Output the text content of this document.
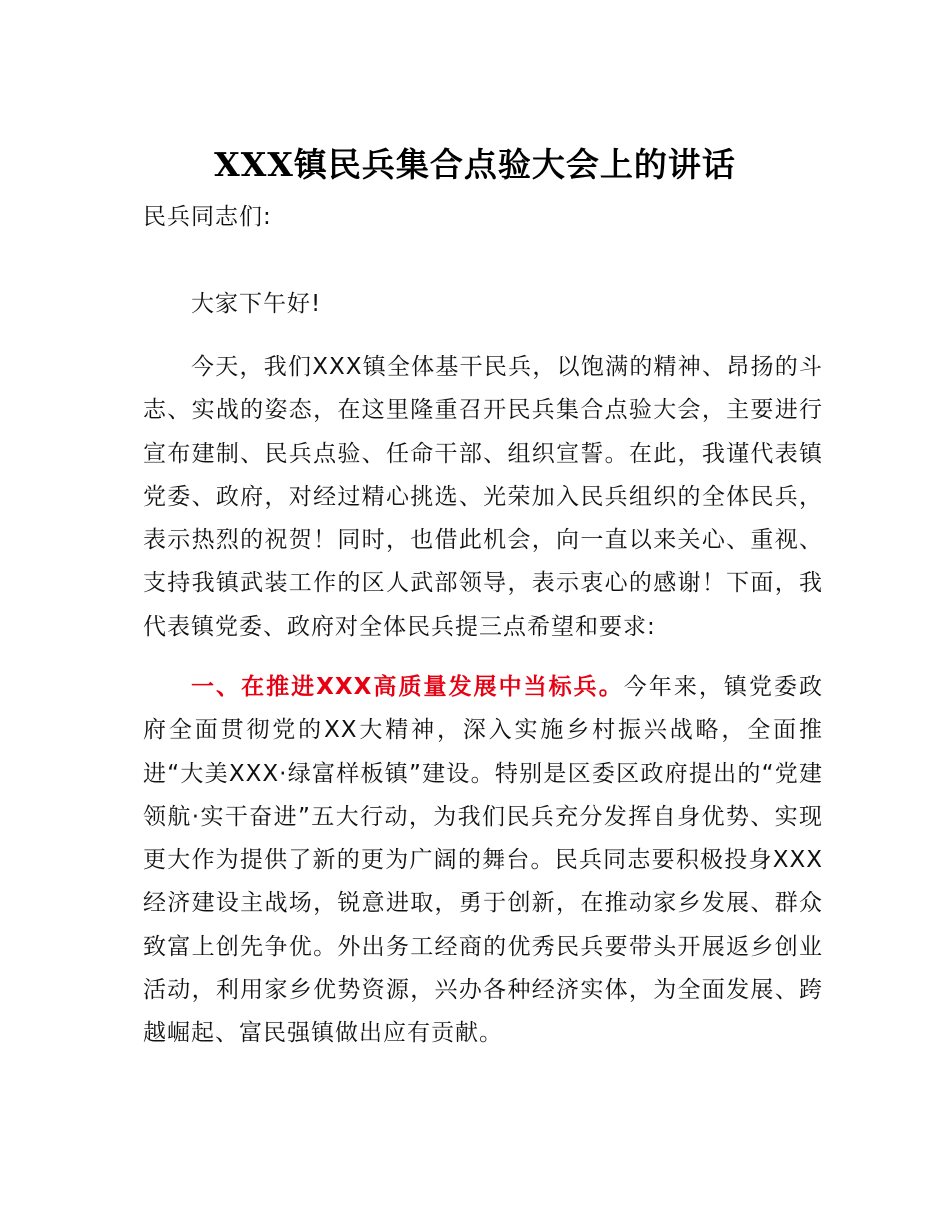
XXX镇民兵集合点验大会上的讲话
民兵同志们:
大家下午好!
今天，我们XXX镇全体基干民兵，以饱满的精神、昂扬的斗志、实战的姿态，在这里隆重召开民兵集合点验大会，主要进行宣布建制、民兵点验、任命干部、组织宣誓。在此，我谨代表镇党委、政府，对经过精心挑选、光荣加入民兵组织的全体民兵，表示热烈的祝贺！同时，也借此机会，向一直以来关心、重视、支持我镇武装工作的区人武部领导，表示衷心的感谢！下面，我代表镇党委、政府对全体民兵提三点希望和要求:
一、在推进XXX高质量发展中当标兵。今年来，镇党委政府全面贯彻党的XX大精神，深入实施乡村振兴战略，全面推进“大美XXX·绿富样板镇”建设。特别是区委区政府提出的“党建领航·实干奋进”五大行动，为我们民兵充分发挥自身优势、实现更大作为提供了新的更为广阔的舞台。民兵同志要积极投身XXX经济建设主战场，锐意进取，勇于创新，在推动家乡发展、群众致富上创先争优。外出务工经商的优秀民兵要带头开展返乡创业活动，利用家乡优势资源，兴办各种经济实体，为全面发展、跨越崛起、富民强镇做出应有贡献。
